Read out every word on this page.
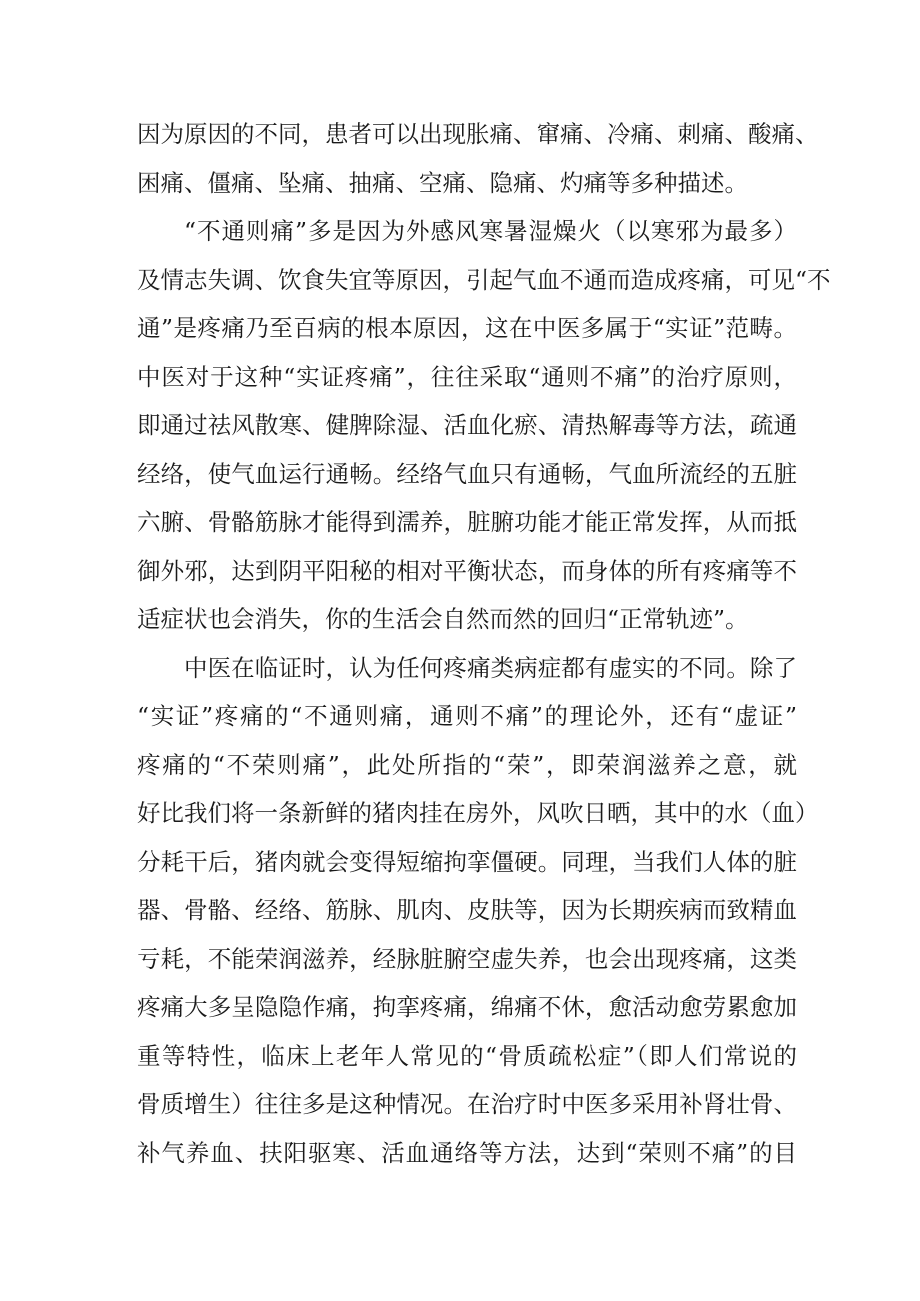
因为原因的不同，患者可以出现胀痛、窜痛、冷痛、刺痛、酸痛、
困痛、僵痛、坠痛、抽痛、空痛、隐痛、灼痛等多种描述。
“不通则痛”多是因为外感风寒暑湿燥火（以寒邪为最多）
及情志失调、饮食失宜等原因，引起气血不通而造成疼痛，可见“不
通”是疼痛乃至百病的根本原因，这在中医多属于“实证”范畴。
中医对于这种“实证疼痛”，往往采取“通则不痛”的治疗原则，
即通过祛风散寒、健脾除湿、活血化瘀、清热解毒等方法，疏通
经络，使气血运行通畅。经络气血只有通畅，气血所流经的五脏
六腑、骨骼筋脉才能得到濡养，脏腑功能才能正常发挥，从而抵
御外邪，达到阴平阳秘的相对平衡状态，而身体的所有疼痛等不
适症状也会消失，你的生活会自然而然的回归“正常轨迹”。
中医在临证时，认为任何疼痛类病症都有虚实的不同。除了
“实证”疼痛的“不通则痛，通则不痛”的理论外，还有“虚证”
疼痛的“不荣则痛”，此处所指的“荣”，即荣润滋养之意，就
好比我们将一条新鲜的猪肉挂在房外，风吹日晒，其中的水（血）
分耗干后，猪肉就会变得短缩拘挛僵硬。同理，当我们人体的脏
器、骨骼、经络、筋脉、肌肉、皮肤等，因为长期疾病而致精血
亏耗，不能荣润滋养，经脉脏腑空虚失养，也会出现疼痛，这类
疼痛大多呈隐隐作痛，拘挛疼痛，绵痛不休，愈活动愈劳累愈加
重等特性，临床上老年人常见的“骨质疏松症”（即人们常说的
骨质增生）往往多是这种情况。在治疗时中医多采用补肾壮骨、
补气养血、扶阳驱寒、活血通络等方法，达到“荣则不痛”的目
